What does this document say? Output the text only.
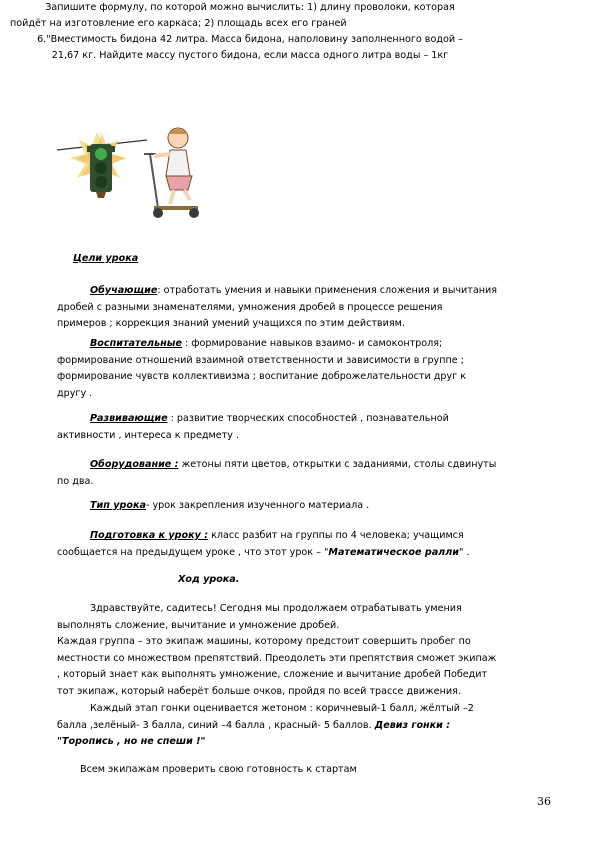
Запишите формулу, по которой можно вычислить: 1) длину проволоки, которая

пойдёт на изготовление его каркаса; 2) площадь всех его граней

6."Вместимость бидона 42 литра. Масса бидона, наполовину заполненного водой –

21,67 кг. Найдите массу пустого бидона, если масса одного литра воды – 1кг

Цели урока

Обучающие: отработать умения и навыки применения сложения и вычитания

дробей с разными знаменателями, умножения дробей в процессе решения

примеров ; коррекция знаний умений учащихся по этим действиям.

Воспитательные : формирование навыков взаимо- и самоконтроля;

формирование отношений взаимной ответственности и зависимости в группе ;

формирование чувств коллективизма ; воспитание доброжелательности друг к

другу .

Развивающие : развитие творческих способностей , познавательной

активности , интереса к предмету .

Оборудование : жетоны пяти цветов, открытки с заданиями, столы сдвинуты

по два.

Тип урока- урок закрепления изученного материала .

Подготовка к уроку : класс разбит на группы по 4 человека; учащимся

сообщается на предыдущем уроке , что этот урок – "Математическое ралли" .

Ход урока.

Здравствуйте, садитесь! Сегодня мы продолжаем отрабатывать умения

выполнять сложение, вычитание и умножение дробей.

Каждая группа – это экипаж машины, которому предстоит совершить пробег по

местности со множеством препятствий. Преодолеть эти препятствия сможет экипаж

, который знает как выполнять умножение, сложение и вычитание дробей Победит

тот экипаж, который наберёт больше очков, пройдя по всей трассе движения.

Каждый этап гонки оценивается жетоном : коричневый-1 балл, жёлтый –2

балла ,зелёный- 3 балла, синий –4 балла , красный- 5 баллов. Девиз гонки :

"Торопись , но не спеши !"

Всем экипажам проверить свою готовность к стартам

36
